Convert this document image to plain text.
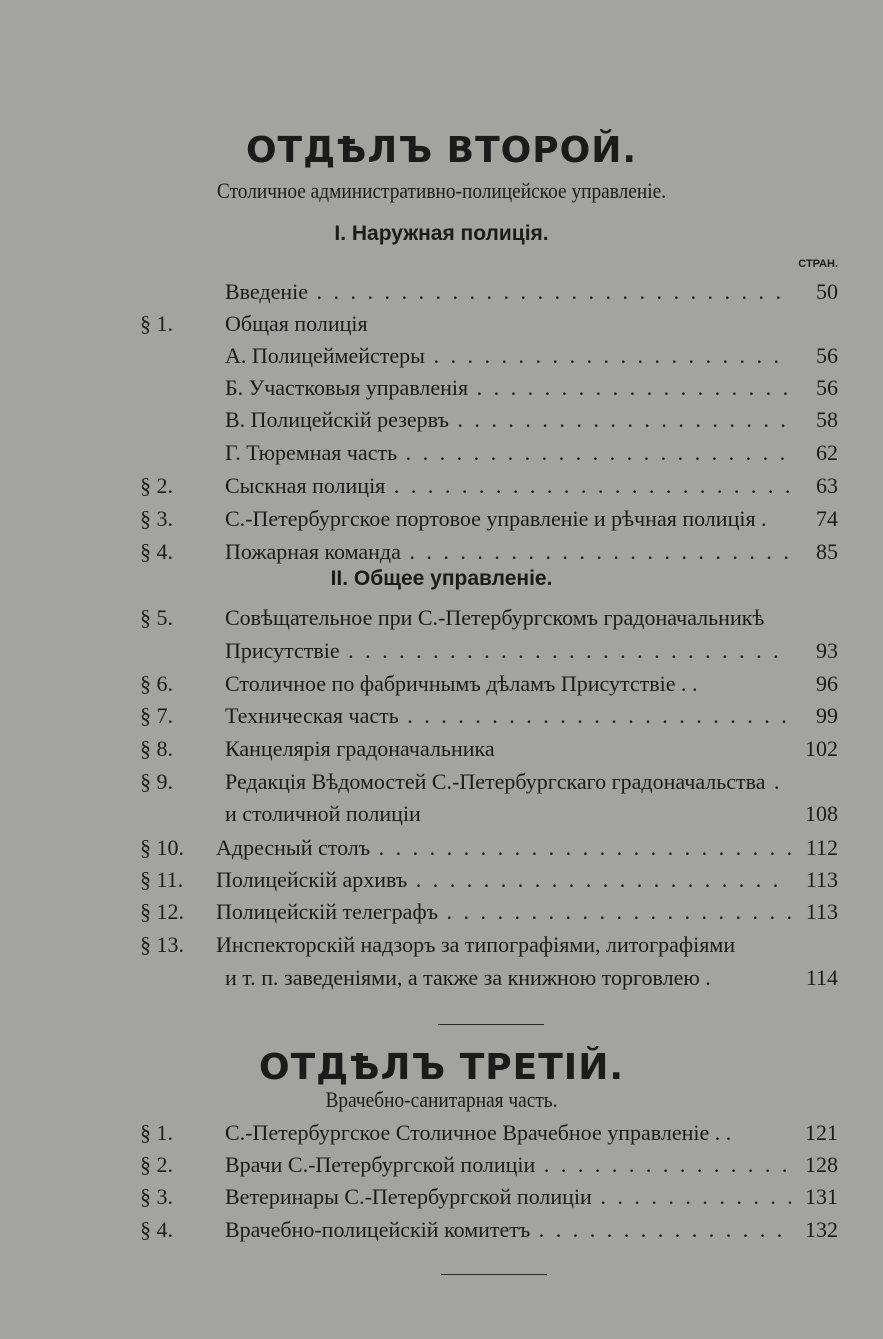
ОТДѢЛЪ ВТОРОЙ.
Столичное административно-полицейское управленіе.
I. Наружная полиція.
СТРАН.
Введеніе . . .	50
§ 1. Общая полиція
А. Полицеймейстеры . . .	56
Б. Участковыя управленія . . .	56
В. Полицейскій резервъ . . .	58
Г. Тюремная часть . . .	62
§ 2. Сыскная полиція . . .	63
§ 3. С.-Петербургское портовое управленіе и рѣчная полиція .	74
§ 4. Пожарная команда . . .	85
II. Общее управленіе.
§ 5. Совѣщательное при С.-Петербургскомъ градоначальникѣ
Присутствіе . . .	93
§ 6. Столичное по фабричнымъ дѣламъ Присутствіе . .	96
§ 7. Техническая часть . . .	99
§ 8. Канцелярія градоначальника	102
§ 9. Редакція Вѣдомостей С.-Петербургскаго градоначальства . . .
и столичной полиціи	108
§ 10. Адресный столъ . . .	112
§ 11. Полицейскій архивъ . . .	113
§ 12. Полицейскій телеграфъ . . .	113
§ 13. Инспекторскій надзоръ за типографіями, литографіями
и т. п. заведеніями, а также за книжною торговлею .	114
ОТДѢЛЪ ТРЕТІЙ.
Врачебно-санитарная часть.
§ 1. С.-Петербургское Столичное Врачебное управленіе . .	121
§ 2. Врачи С.-Петербургской полиціи . . .	128
§ 3. Ветеринары С.-Петербургской полиціи . . .	131
§ 4. Врачебно-полицейскій комитетъ . . .	132
